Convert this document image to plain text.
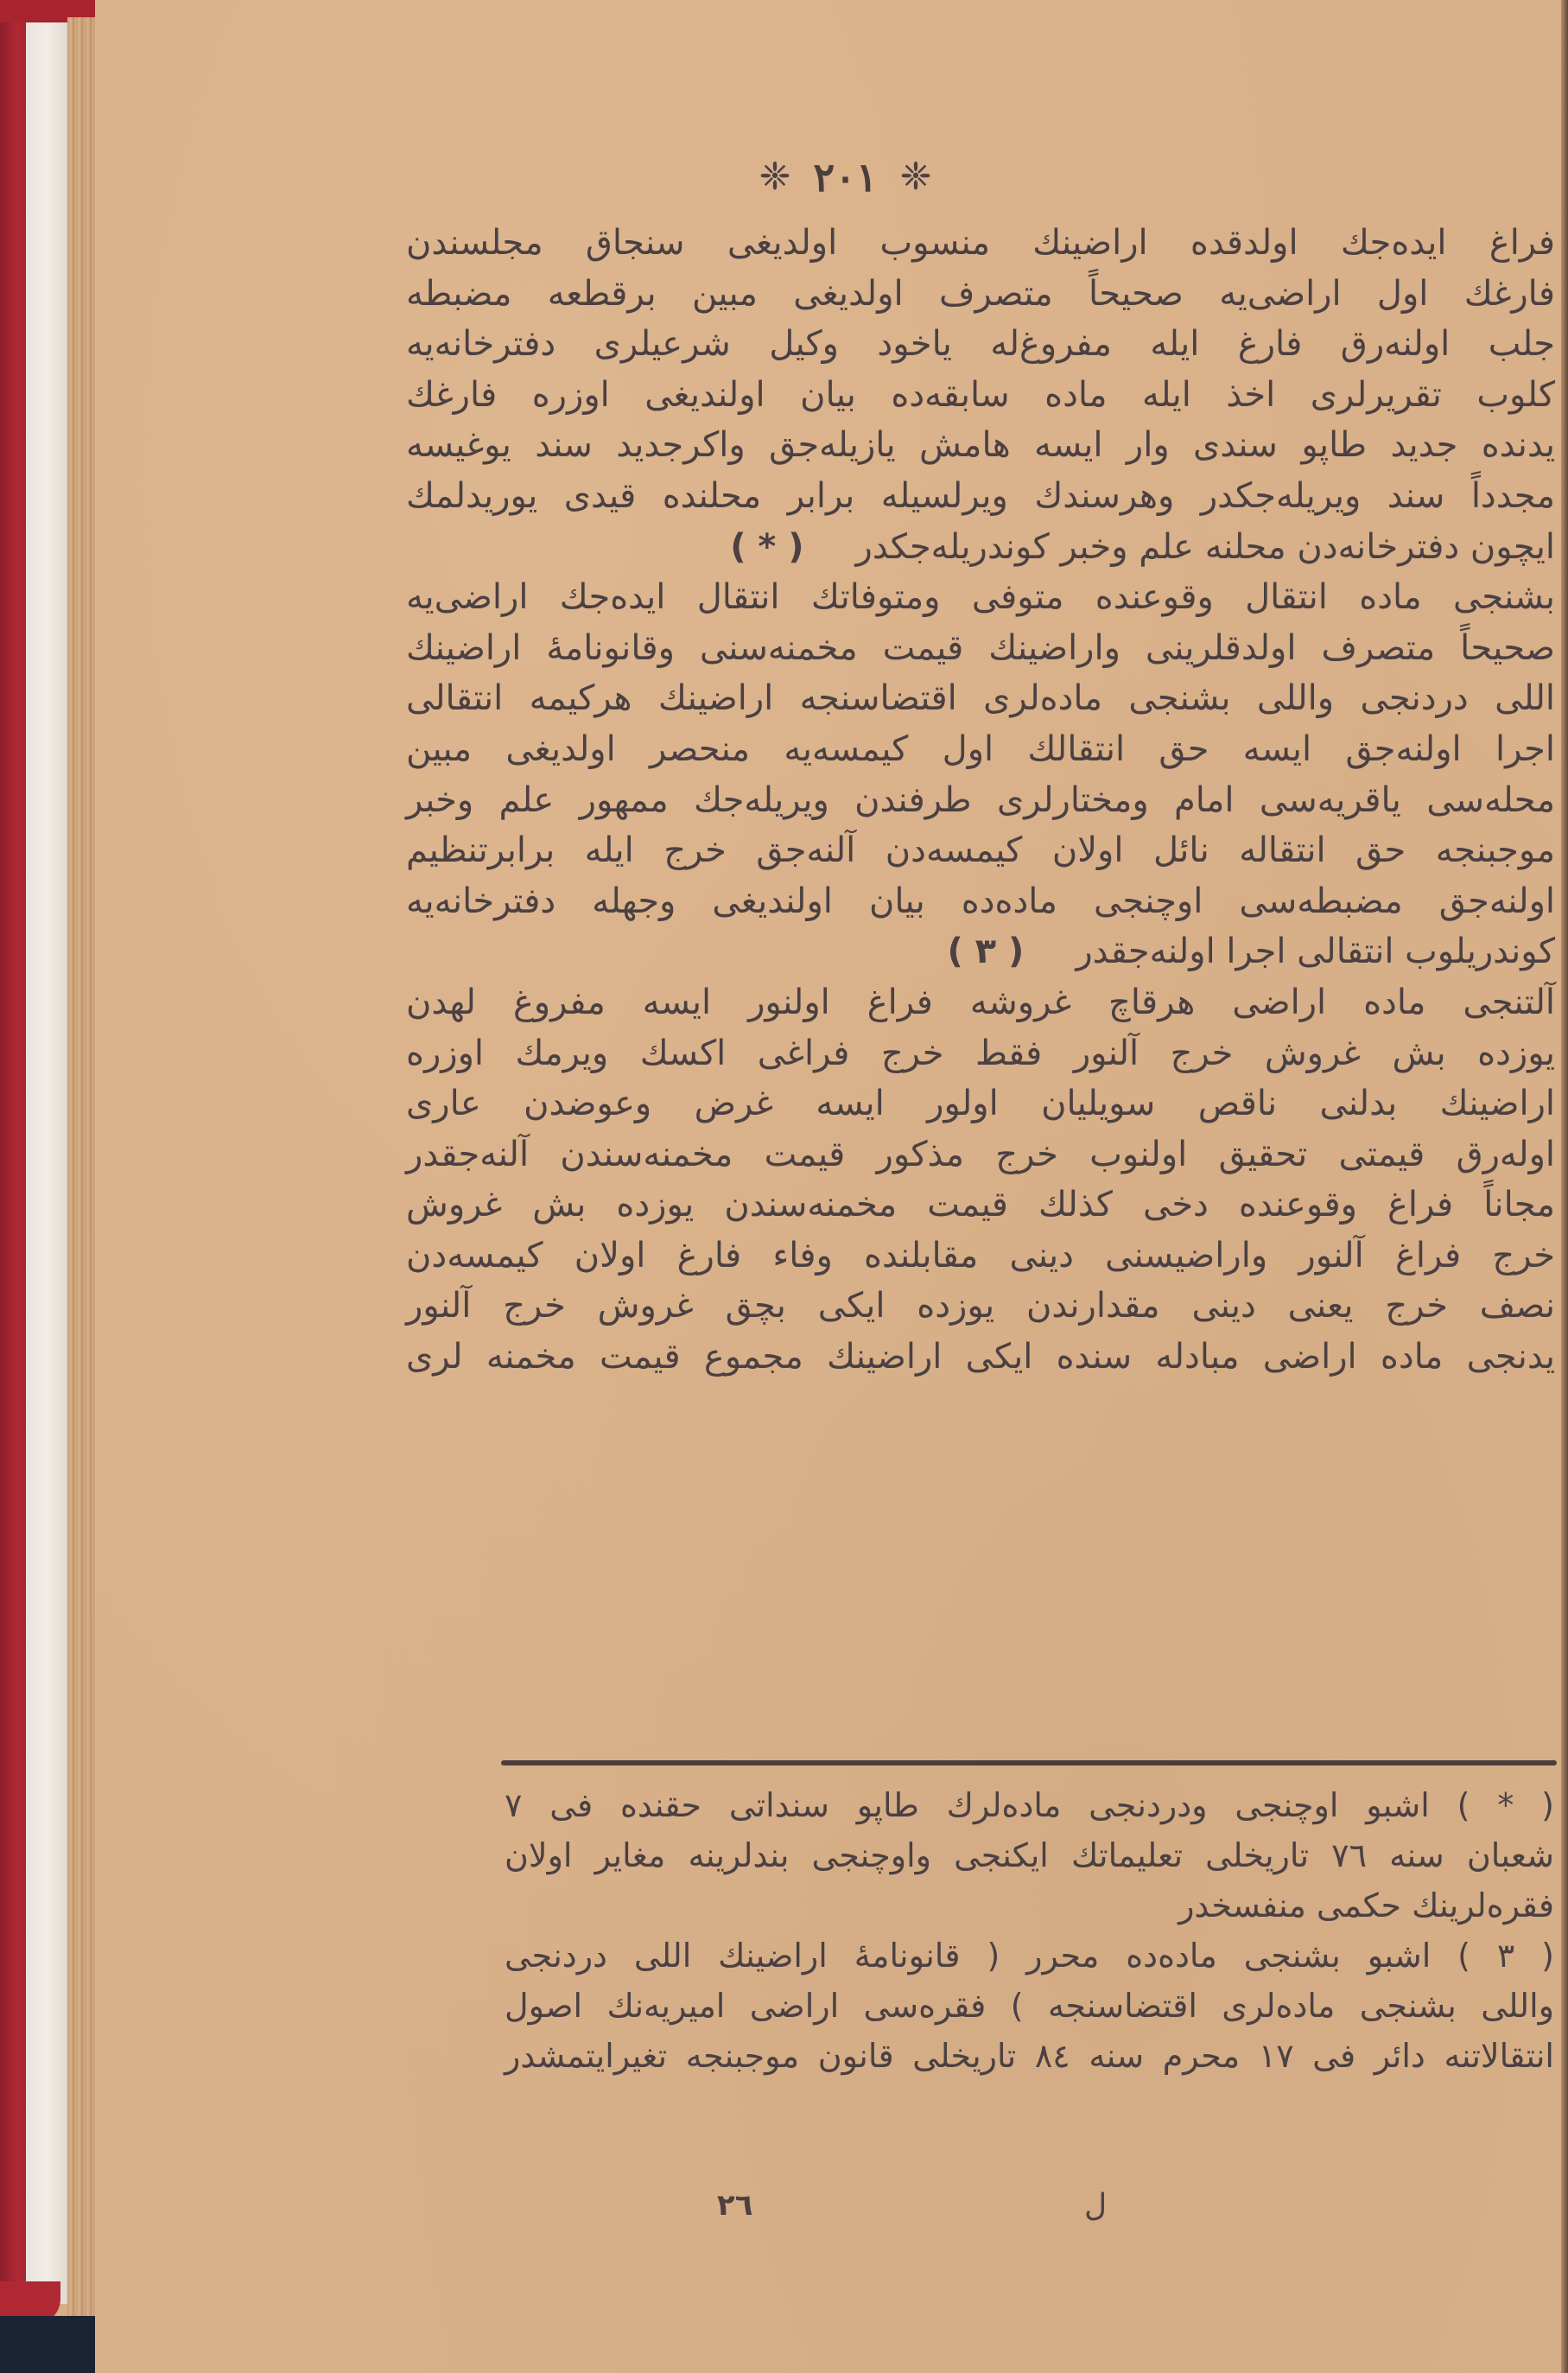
❈ ٢٠١ ❈
فراغ ایده‌جك اولدقده اراضینك منسوب اولدیغی سنجاق مجلسندن
فارغك اول اراضی‌یه صحیحاً متصرف اولدیغی مبین برقطعه مضبطه
جلب اولنه‌رق فارغ ایله مفروغ‌له یاخود وکیل شرعیلری دفترخانه‌یه
کلوب تقریرلری اخذ ایله ماده سابقه‌ده بیان اولندیغی اوزره فارغك
یدنده جدید طاپو سندی وار ایسه هامش یازیله‌جق واکرجدید سند یوغیسه
مجدداً سند ویریله‌جکدر وهرسندك ویرلسیله برابر محلنده قیدی یوریدلمك
ایچون دفترخانه‌دن محلنه علم وخبر کوندریله‌جکدر( * )
بشنجی ماده انتقال وقوعنده متوفی ومتوفاتك انتقال ایده‌جك اراضی‌یه
صحیحاً متصرف اولدقلرینی واراضینك قیمت مخمنه‌سنی وقانونامهٔ اراضینك
اللی دردنجی واللی بشنجی ماده‌لری اقتضاسنجه اراضینك هرکیمه انتقالی
اجرا اولنه‌جق ایسه حق انتقالك اول کیمسه‌یه منحصر اولدیغی مبین
محله‌سی یاقریه‌سی امام ومختارلری طرفندن ویریله‌جك ممهور علم وخبر
موجبنجه حق انتقاله نائل اولان کیمسه‌دن آلنه‌جق خرج ایله برابرتنظیم
اولنه‌جق مضبطه‌سی اوچنجی ماده‌ده بیان اولندیغی وجهله دفترخانه‌یه
کوندریلوب انتقالی اجرا اولنه‌جقدر( ٣ )
آلتنجی ماده اراضی هرقاچ غروشه فراغ اولنور ایسه مفروغ لهدن
یوزده بش غروش خرج آلنور فقط خرج فراغی اکسك ویرمك اوزره
اراضینك بدلنی ناقص سویلیان اولور ایسه غرض وعوضدن عاری
اوله‌رق قیمتی تحقیق اولنوب خرج مذکور قیمت مخمنه‌سندن آلنه‌جقدر
مجاناً فراغ وقوعنده دخی کذلك قیمت مخمنه‌سندن یوزده بش غروش
خرج فراغ آلنور واراضیسنی دینی مقابلنده وفاء فارغ اولان کیمسه‌دن
نصف خرج یعنی دینی مقدارندن یوزده ایکی بچق غروش خرج آلنور
یدنجی ماده اراضی مبادله سنده ایکی اراضینك مجموع قیمت مخمنه لری
( * ) اشبو اوچنجی ودردنجی ماده‌لرك طاپو سنداتی حقنده فی ٧
شعبان سنه ٧٦ تاریخلی تعلیماتك ایکنجی واوچنجی بندلرینه مغایر اولان
فقره‌لرینك حکمی منفسخدر
( ٣ ) اشبو بشنجی ماده‌ده محرر ( قانونامهٔ اراضینك اللی دردنجی
واللی بشنجی ماده‌لری اقتضاسنجه ) فقره‌سی اراضی امیریه‌نك اصول
انتقالاتنه دائر فی ١٧ محرم سنه ٨٤ تاریخلی قانون موجبنجه تغیرایتمشدر
٢٦	ل
